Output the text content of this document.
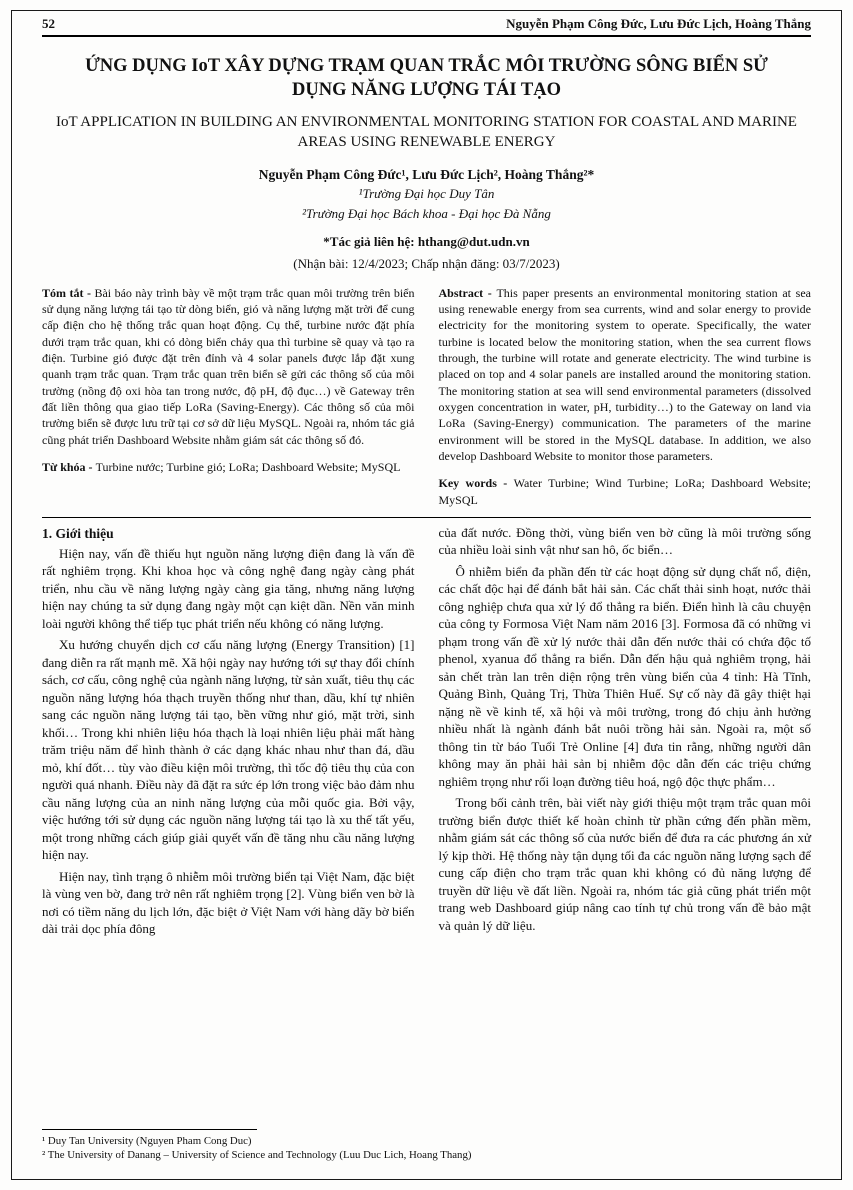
52	Nguyễn Phạm Công Đức, Lưu Đức Lịch, Hoàng Thắng
ỨNG DỤNG IoT XÂY DỰNG TRẠM QUAN TRẮC MÔI TRƯỜNG SÔNG BIỂN SỬ DỤNG NĂNG LƯỢNG TÁI TẠO
IoT APPLICATION IN BUILDING AN ENVIRONMENTAL MONITORING STATION FOR COASTAL AND MARINE AREAS USING RENEWABLE ENERGY
Nguyễn Phạm Công Đức¹, Lưu Đức Lịch², Hoàng Thắng²*
¹Trường Đại học Duy Tân
²Trường Đại học Bách khoa - Đại học Đà Nẵng
*Tác giả liên hệ: hthang@dut.udn.vn
(Nhận bài: 12/4/2023; Chấp nhận đăng: 03/7/2023)

Tóm tắt - Bài báo này trình bày về một trạm trắc quan môi trường trên biển sử dụng năng lượng tái tạo từ dòng biển, gió và năng lượng mặt trời để cung cấp điện cho hệ thống trắc quan hoạt động. Cụ thể, turbine nước đặt phía dưới trạm trắc quan, khi có dòng biển chảy qua thì turbine sẽ quay và tạo ra điện. Turbine gió được đặt trên đỉnh và 4 solar panels được lắp đặt xung quanh trạm trắc quan. Trạm trắc quan trên biển sẽ gửi các thông số của môi trường (nồng độ oxi hòa tan trong nước, độ pH, độ đục…) về Gateway trên đất liền thông qua giao tiếp LoRa (Saving-Energy). Các thông số của môi trường biển sẽ được lưu trữ tại cơ sở dữ liệu MySQL. Ngoài ra, nhóm tác giả cũng phát triển Dashboard Website nhằm giám sát các thông số đó.

Từ khóa - Turbine nước; Turbine gió; LoRa; Dashboard Website; MySQL

Abstract - This paper presents an environmental monitoring station at sea using renewable energy from sea currents, wind and solar energy to provide electricity for the monitoring system to operate. Specifically, the water turbine is located below the monitoring station, when the sea current flows through, the turbine will rotate and generate electricity. The wind turbine is placed on top and 4 solar panels are installed around the monitoring station. The monitoring station at sea will send environmental parameters (dissolved oxygen concentration in water, pH, turbidity…) to the Gateway on land via LoRa (Saving-Energy) communication. The parameters of the marine environment will be stored in the MySQL database. In addition, we also develop Dashboard Website to monitor those parameters.

Key words - Water Turbine; Wind Turbine; LoRa; Dashboard Website; MySQL

1. Giới thiệu

Hiện nay, vấn đề thiếu hụt nguồn năng lượng điện đang là vấn đề rất nghiêm trọng. Khi khoa học và công nghệ đang ngày càng phát triển, nhu cầu về năng lượng ngày càng gia tăng, nhưng năng lượng hiện nay chúng ta sử dụng đang ngày một cạn kiệt dần. Nền văn minh loài người không thể tiếp tục phát triển nếu không có năng lượng.

Xu hướng chuyển dịch cơ cấu năng lượng (Energy Transition) [1] đang diễn ra rất mạnh mẽ. Xã hội ngày nay hướng tới sự thay đổi chính sách, cơ cấu, công nghệ của ngành năng lượng, từ sản xuất, tiêu thụ các nguồn năng lượng hóa thạch truyền thống như than, dầu, khí tự nhiên sang các nguồn năng lượng tái tạo, bền vững như gió, mặt trời, sinh khối… Trong khi nhiên liệu hóa thạch là loại nhiên liệu phải mất hàng trăm triệu năm để hình thành ở các dạng khác nhau như than đá, dầu mỏ, khí đốt… tùy vào điều kiện môi trường, thì tốc độ tiêu thụ của con người quá nhanh. Điều này đã đặt ra sức ép lớn trong việc bảo đảm nhu cầu năng lượng của an ninh năng lượng của mỗi quốc gia. Bởi vậy, việc hướng tới sử dụng các nguồn năng lượng tái tạo là xu thế tất yếu, một trong những cách giúp giải quyết vấn đề tăng nhu cầu năng lượng hiện nay.

Hiện nay, tình trạng ô nhiễm môi trường biển tại Việt Nam, đặc biệt là vùng ven bờ, đang trở nên rất nghiêm trọng [2]. Vùng biển ven bờ là nơi có tiềm năng du lịch lớn, đặc biệt ở Việt Nam với hàng dãy bờ biển dài trải dọc phía đông

của đất nước. Đồng thời, vùng biển ven bờ cũng là môi trường sống của nhiều loài sinh vật như san hô, ốc biển…

Ô nhiễm biển đa phần đến từ các hoạt động sử dụng chất nổ, điện, các chất độc hại để đánh bắt hải sản. Các chất thải sinh hoạt, nước thải công nghiệp chưa qua xử lý đổ thẳng ra biển. Điển hình là câu chuyện của công ty Formosa Việt Nam năm 2016 [3]. Formosa đã có những vi phạm trong vấn đề xử lý nước thải dẫn đến nước thải có chứa độc tố phenol, xyanua đổ thẳng ra biển. Dẫn đến hậu quả nghiêm trọng, hải sản chết tràn lan trên diện rộng trên vùng biển của 4 tỉnh: Hà Tĩnh, Quảng Bình, Quảng Trị, Thừa Thiên Huế. Sự cố này đã gây thiệt hại nặng nề về kinh tế, xã hội và môi trường, trong đó chịu ảnh hưởng nhiều nhất là ngành đánh bắt nuôi trồng hải sản. Ngoài ra, một số thông tin từ báo Tuổi Trẻ Online [4] đưa tin rằng, những người dân không may ăn phải hải sản bị nhiễm độc dẫn đến các triệu chứng nghiêm trọng như rối loạn đường tiêu hoá, ngộ độc thực phẩm…

Trong bối cảnh trên, bài viết này giới thiệu một trạm trắc quan môi trường biển được thiết kế hoàn chỉnh từ phần cứng đến phần mềm, nhằm giám sát các thông số của nước biển để đưa ra các phương án xử lý kịp thời. Hệ thống này tận dụng tối đa các nguồn năng lượng sạch để cung cấp điện cho trạm trắc quan khi không có đủ năng lượng để truyền dữ liệu về đất liền. Ngoài ra, nhóm tác giả cũng phát triển một trang web Dashboard giúp nâng cao tính tự chủ trong vấn đề bảo mật và quản lý dữ liệu.

¹ Duy Tan University (Nguyen Pham Cong Duc)
² The University of Danang – University of Science and Technology (Luu Duc Lich, Hoang Thang)
